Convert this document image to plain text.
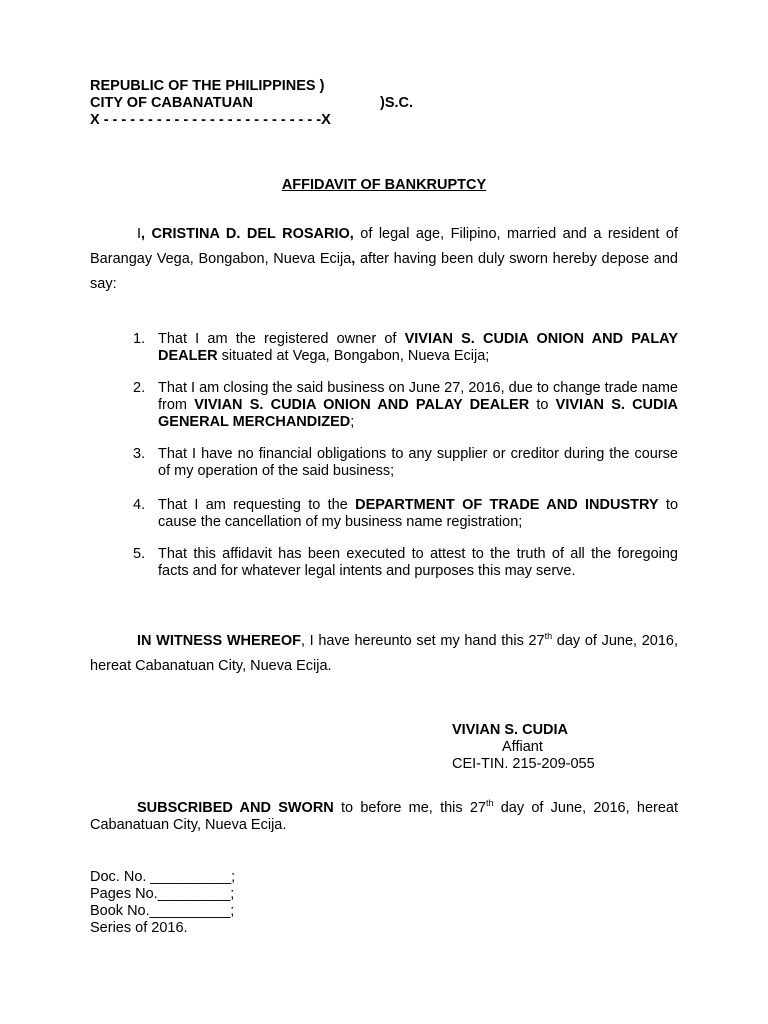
REPUBLIC OF THE PHILIPPINES )
CITY OF CABANATUAN	)S.C.
X - - - - - - - - - - - - - - - - - - - - - - - - -X
AFFIDAVIT OF BANKRUPTCY
I, CRISTINA D. DEL ROSARIO, of legal age, Filipino, married and a resident of Barangay Vega, Bongabon, Nueva Ecija, after having been duly sworn hereby depose and say:
1. That I am the registered owner of VIVIAN S. CUDIA ONION AND PALAY DEALER situated at Vega, Bongabon, Nueva Ecija;
2. That I am closing the said business on June 27, 2016, due to change trade name from VIVIAN S. CUDIA ONION AND PALAY DEALER to VIVIAN S. CUDIA GENERAL MERCHANDIZED;
3. That I have no financial obligations to any supplier or creditor during the course of my operation of the said business;
4. That I am requesting to the DEPARTMENT OF TRADE AND INDUSTRY to cause the cancellation of my business name registration;
5. That this affidavit has been executed to attest to the truth of all the foregoing facts and for whatever legal intents and purposes this may serve.
IN WITNESS WHEREOF, I have hereunto set my hand this 27th day of June, 2016, hereat Cabanatuan City, Nueva Ecija.
VIVIAN S. CUDIA
Affiant
CEI-TIN. 215-209-055
SUBSCRIBED AND SWORN to before me, this 27th day of June, 2016, hereat Cabanatuan City, Nueva Ecija.
Doc. No. __________;
Pages No._________;
Book No.__________;
Series of 2016.
